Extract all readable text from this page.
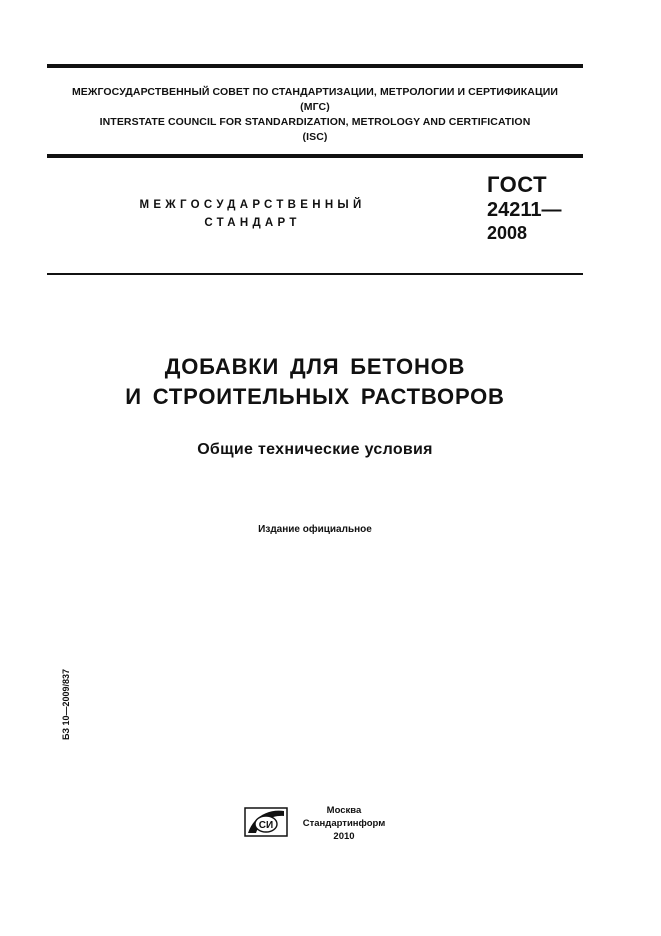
МЕЖГОСУДАРСТВЕННЫЙ СОВЕТ ПО СТАНДАРТИЗАЦИИ, МЕТРОЛОГИИ И СЕРТИФИКАЦИИ
(МГС)
INTERSTATE COUNCIL FOR STANDARDIZATION, METROLOGY AND CERTIFICATION
(ISC)
МЕЖГОСУДАРСТВЕННЫЙ
СТАНДАРТ
ГОСТ
24211—
2008
ДОБАВКИ ДЛЯ БЕТОНОВ
И СТРОИТЕЛЬНЫХ РАСТВОРОВ
Общие технические условия
Издание официальное
БЗ 10—2009/837
СИ
Москва
Стандартинформ
2010
